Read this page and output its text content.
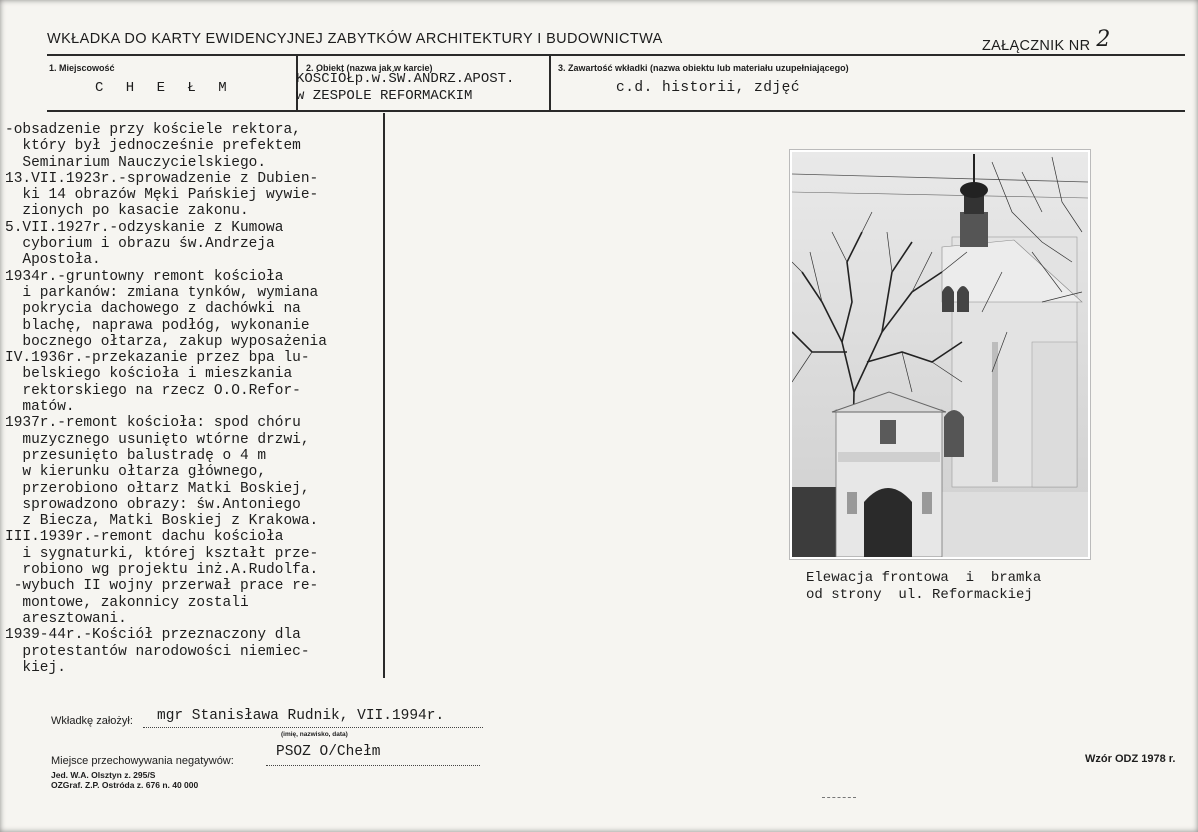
WKŁADKA DO KARTY EWIDENCYJNEJ ZABYTKÓW ARCHITEKTURY I BUDOWNICTWA	ZAŁĄCZNIK NR 2
1. Miejscowość
C H E Ł M
2. Obiekt (nazwa jak w karcie)
KOŚCIÓŁp.w.ŚW.ANDRZ.APOST.
w ZESPOLE REFORMACKIM
3. Zawartość wkładki (nazwa obiektu lub materiału uzupełniającego)
c.d. historii, zdjęć
-obsadzenie przy kościele rektora,
który był jednocześnie prefektem
Seminarium Nauczycielskiego.
13.VII.1923r.-sprowadzenie z Dubien-
ki 14 obrazów Męki Pańskiej wywie-
zionych po kasacie zakonu.
5.VII.1927r.-odzyskanie z Kumowa
cyborium i obrazu św.Andrzeja
Apostoła.
1934r.-gruntowny remont kościoła
i parkanów: zmiana tynków, wymiana
pokrycia dachowego z dachówki na
blachę, naprawa podłóg, wykonanie
bocznego ołtarza, zakup wyposażenia
IV.1936r.-przekazanie przez bpa lu-
belskiego kościoła i mieszkania
rektorskiego na rzecz O.O.Refor-
matów.
1937r.-remont kościoła: spod chóru
muzycznego usunięto wtórne drzwi,
przesunięto balustradę o 4 m
w kierunku ołtarza głównego,
przerobiono ołtarz Matki Boskiej,
sprowadzono obrazy: św.Antoniego
z Biecza, Matki Boskiej z Krakowa.
III.1939r.-remont dachu kościoła
i sygnaturki, której kształt prze-
robiono wg projektu inż.A.Rudolfa.
-wybuch II wojny przerwał prace re-
montowe, zakonnicy zostali
aresztowani.
1939-44r.-Kościół przeznaczony dla
protestantów narodowości niemiec-
kiej.
Elewacja frontowa  i  bramka
od strony  ul. Reformackiej
Wkładkę założył: mgr Stanisława Rudnik, VII.1994r.
(imię, nazwisko, data)
Miejsce przechowywania negatywów:
PSOZ O/Chełm
Jed. W.A. Olsztyn z. 295/S
OZGraf. Z.P. Ostróda z. 676 n. 40 000
Wzór ODZ 1978 r.
